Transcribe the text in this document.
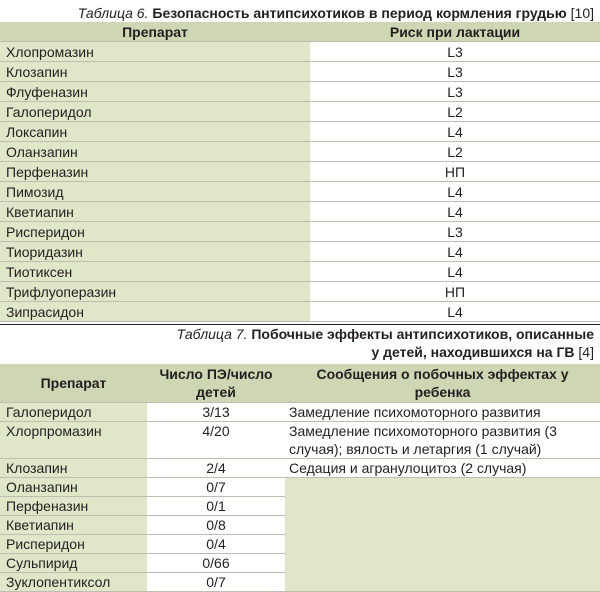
Таблица 6. Безопасность антипсихотиков в период кормления грудью [10]
Препарат	Риск при лактации
Хлопромазин	L3
Клозапин	L3
Флуфеназин	L3
Галоперидол	L2
Локсапин	L4
Оланзапин	L2
Перфеназин	НП
Пимозид	L4
Кветиапин	L4
Рисперидон	L3
Тиоридазин	L4
Тиотиксен	L4
Трифлуоперазин	НП
Зипрасидон	L4
Таблица 7. Побочные эффекты антипсихотиков, описанные
у детей, находившихся на ГВ [4]
Препарат	Число ПЭ/число детей	Сообщения о побочных эффектах у ребенка
Галоперидол	3/13	Замедление психомоторного развития
Хлорпромазин	4/20	Замедление психомоторного развития (3 случая); вялость и летаргия (1 случай)
Клозапин	2/4	Седация и агранулоцитоз (2 случая)
Оланзапин	0/7	
Перфеназин	0/1	
Кветиапин	0/8	
Рисперидон	0/4	
Сульпирид	0/66	
Зуклопентиксол	0/7	
